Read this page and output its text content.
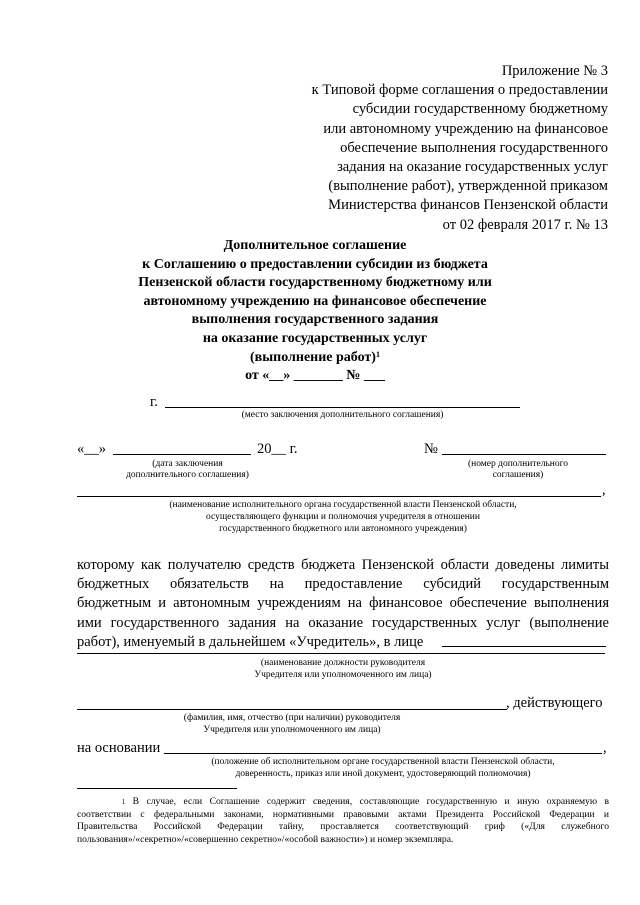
Приложение № 3
к Типовой форме соглашения о предоставлении
субсидии государственному бюджетному
или автономному учреждению на финансовое
обеспечение выполнения государственного
задания на оказание государственных услуг
(выполнение работ), утвержденной приказом
Министерства финансов Пензенской области
от 02 февраля 2017 г. № 13
Дополнительное соглашение
к Соглашению о предоставлении субсидии из бюджета
Пензенской области государственному бюджетному или
автономному учреждению на финансовое обеспечение
выполнения государственного задания
на оказание государственных услуг
(выполнение работ)$^1$
от «__» _______ № ___
г.
(место заключения дополнительного соглашения)
«__»	20__ г.
(дата заключения
дополнительного соглашения)
№
(номер дополнительного
соглашения)
,
(наименование исполнительного органа государственной власти Пензенской области,
осуществляющего функции и полномочия учредителя в отношении
государственного бюджетного или автономного учреждения)
которому как получателю средств бюджета Пензенской области доведены лимиты
бюджетных обязательств на предоставление субсидий государственным
бюджетным и автономным учреждениям на финансовое обеспечение выполнения
ими государственного задания на оказание государственных услуг (выполнение
работ), именуемый в дальнейшем «Учредитель», в лице
(наименование должности руководителя
Учредителя или уполномоченного им лица)
, действующего
(фамилия, имя, отчество (при наличии) руководителя
Учредителя или уполномоченного им лица)
на основании	,
(положение об исполнительном органе государственной власти Пензенской области,
доверенность, приказ или иной документ, удостоверяющий полномочия)
$^1$ В случае, если Соглашение содержит сведения, составляющие государственную и иную охраняемую в
соответствии с федеральными законами, нормативными правовыми актами Президента Российской Федерации и
Правительства Российской Федерации тайну, проставляется соответствующий гриф («Для служебного
пользования»/«секретно»/«совершенно секретно»/«особой важности») и номер экземпляра.
